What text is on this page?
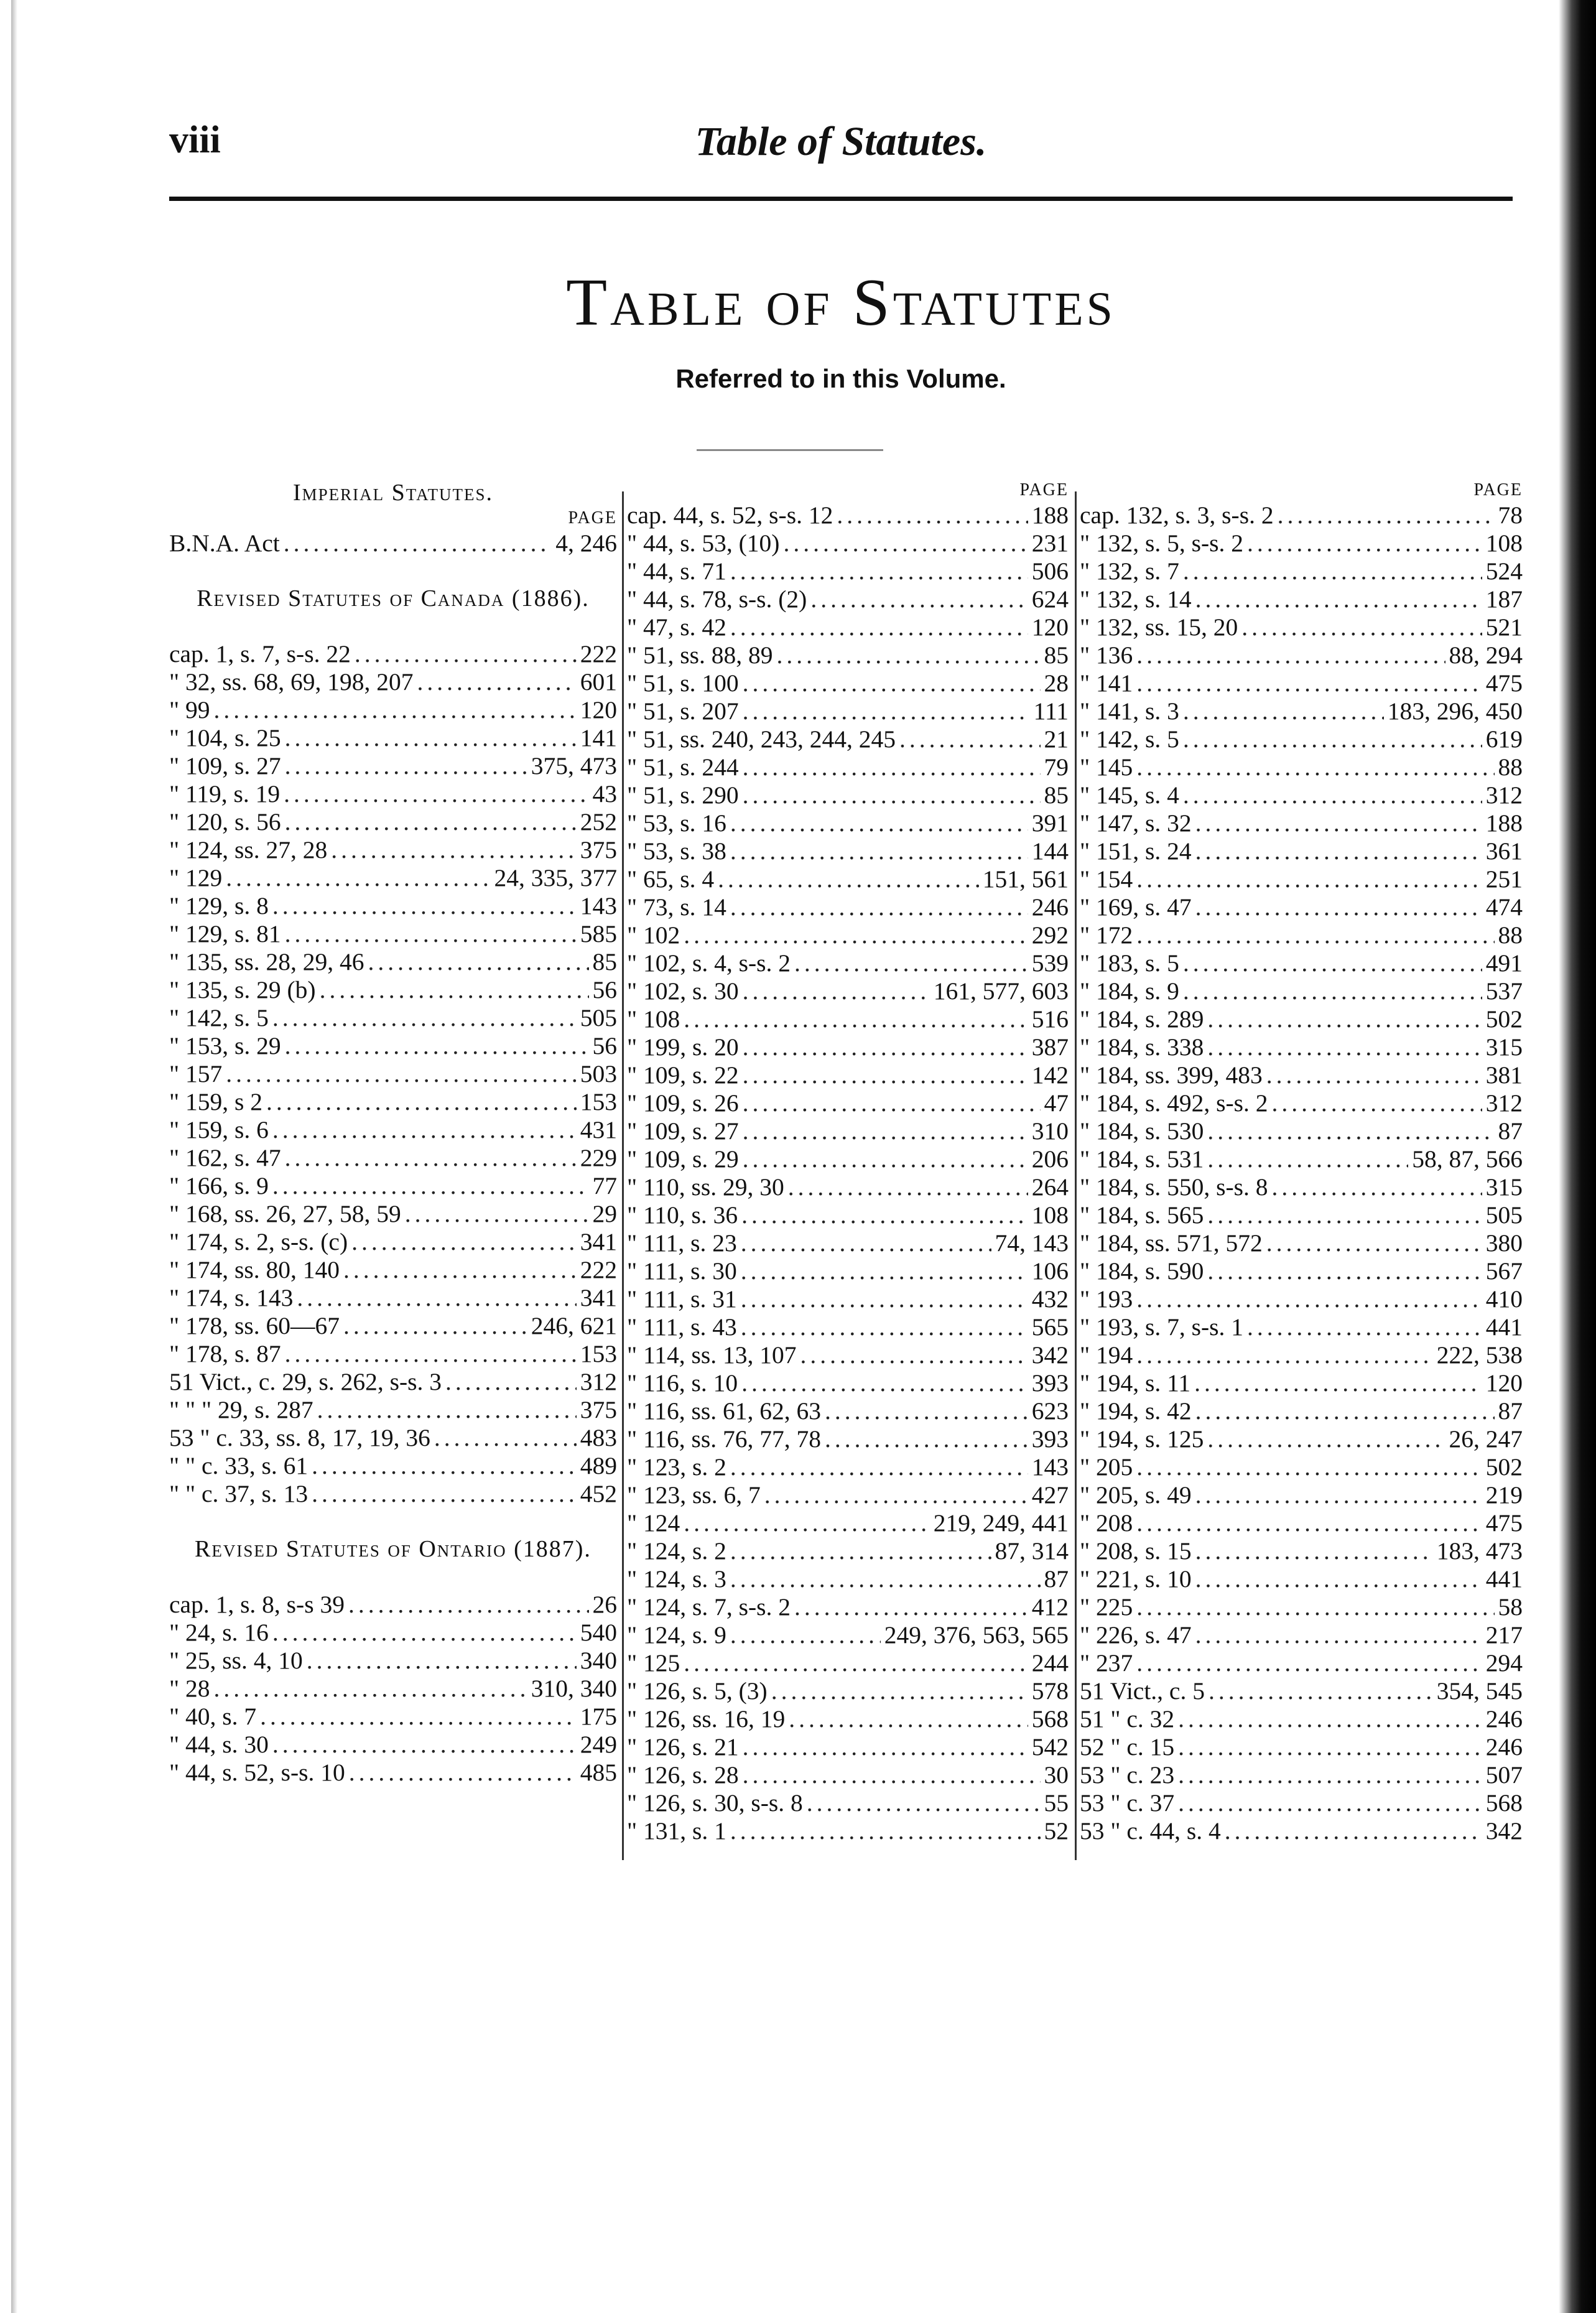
viii	Table of Statutes.
Table of Statutes
Referred to in this Volume.
Imperial Statutes.
PAGE
B.N.A. Act .....	4, 246
Revised Statutes of Canada (1886).
cap. 1, s. 7, s-s. 22 .....	222
" 32, ss. 68, 69, 198, 207 .....	601
" 99 .....	120
" 104, s. 25 .....	141
" 109, s. 27 .....	375, 473
" 119, s. 19 .....	43
" 120, s. 56 .....	252
" 124, ss. 27, 28 .....	375
" 129 .....	24, 335, 377
" 129, s. 8 .....	143
" 129, s. 81 .....	585
" 135, ss. 28, 29, 46 .....	85
" 135, s. 29 (b) .....	56
" 142, s. 5 .....	505
" 153, s. 29 .....	56
" 157 .....	503
" 159, s 2 .....	153
" 159, s. 6 .....	431
" 162, s. 47 .....	229
" 166, s. 9 .....	77
" 168, ss. 26, 27, 58, 59 .....	29
" 174, s. 2, s-s. (c) .....	341
" 174, ss. 80, 140 .....	222
" 174, s. 143 .....	341
" 178, ss. 60—67 .....	246, 621
" 178, s. 87 .....	153
51 Vict., c. 29, s. 262, s-s. 3 .....	312
" " " 29, s. 287 .....	375
53 " c. 33, ss. 8, 17, 19, 36 .....	483
" " c. 33, s. 61 .....	489
" " c. 37, s. 13 .....	452
Revised Statutes of Ontario (1887).
cap. 1, s. 8, s-s 39 .....	26
" 24, s. 16 .....	540
" 25, ss. 4, 10 .....	340
" 28 .....	310, 340
" 40, s. 7 .....	175
" 44, s. 30 .....	249
" 44, s. 52, s-s. 10 .....	485
PAGE
cap. 44, s. 52, s-s. 12 .....	188
" 44, s. 53, (10) .....	231
" 44, s. 71 .....	506
" 44, s. 78, s-s. (2) .....	624
" 47, s. 42 .....	120
" 51, ss. 88, 89 .....	85
" 51, s. 100 .....	28
" 51, s. 207 .....	111
" 51, ss. 240, 243, 244, 245 .....	21
" 51, s. 244 .....	79
" 51, s. 290 .....	85
" 53, s. 16 .....	391
" 53, s. 38 .....	144
" 65, s. 4 .....	151, 561
" 73, s. 14 .....	246
" 102 .....	292
" 102, s. 4, s-s. 2 .....	539
" 102, s. 30 .....	161, 577, 603
" 108 .....	516
" 199, s. 20 .....	387
" 109, s. 22 .....	142
" 109, s. 26 .....	47
" 109, s. 27 .....	310
" 109, s. 29 .....	206
" 110, ss. 29, 30 .....	264
" 110, s. 36 .....	108
" 111, s. 23 .....	74, 143
" 111, s. 30 .....	106
" 111, s. 31 .....	432
" 111, s. 43 .....	565
" 114, ss. 13, 107 .....	342
" 116, s. 10 .....	393
" 116, ss. 61, 62, 63 .....	623
" 116, ss. 76, 77, 78 .....	393
" 123, s. 2 .....	143
" 123, ss. 6, 7 .....	427
" 124 .....	219, 249, 441
" 124, s. 2 .....	87, 314
" 124, s. 3 .....	87
" 124, s. 7, s-s. 2 .....	412
" 124, s. 9 .....	249, 376, 563, 565
" 125 .....	244
" 126, s. 5, (3) .....	578
" 126, ss. 16, 19 .....	568
" 126, s. 21 .....	542
" 126, s. 28 .....	30
" 126, s. 30, s-s. 8 .....	55
" 131, s. 1 .....	52
PAGE
cap. 132, s. 3, s-s. 2 .....	78
" 132, s. 5, s-s. 2 .....	108
" 132, s. 7 .....	524
" 132, s. 14 .....	187
" 132, ss. 15, 20 .....	521
" 136 .....	88, 294
" 141 .....	475
" 141, s. 3 .....	183, 296, 450
" 142, s. 5 .....	619
" 145 .....	88
" 145, s. 4 .....	312
" 147, s. 32 .....	188
" 151, s. 24 .....	361
" 154 .....	251
" 169, s. 47 .....	474
" 172 .....	88
" 183, s. 5 .....	491
" 184, s. 9 .....	537
" 184, s. 289 .....	502
" 184, s. 338 .....	315
" 184, ss. 399, 483 .....	381
" 184, s. 492, s-s. 2 .....	312
" 184, s. 530 .....	87
" 184, s. 531 .....	58, 87, 566
" 184, s. 550, s-s. 8 .....	315
" 184, s. 565 .....	505
" 184, ss. 571, 572 .....	380
" 184, s. 590 .....	567
" 193 .....	410
" 193, s. 7, s-s. 1 .....	441
" 194 .....	222, 538
" 194, s. 11 .....	120
" 194, s. 42 .....	87
" 194, s. 125 .....	26, 247
" 205 .....	502
" 205, s. 49 .....	219
" 208 .....	475
" 208, s. 15 .....	183, 473
" 221, s. 10 .....	441
" 225 .....	58
" 226, s. 47 .....	217
" 237 .....	294
51 Vict., c. 5 .....	354, 545
51 " c. 32 .....	246
52 " c. 15 .....	246
53 " c. 23 .....	507
53 " c. 37 .....	568
53 " c. 44, s. 4 .....	342
